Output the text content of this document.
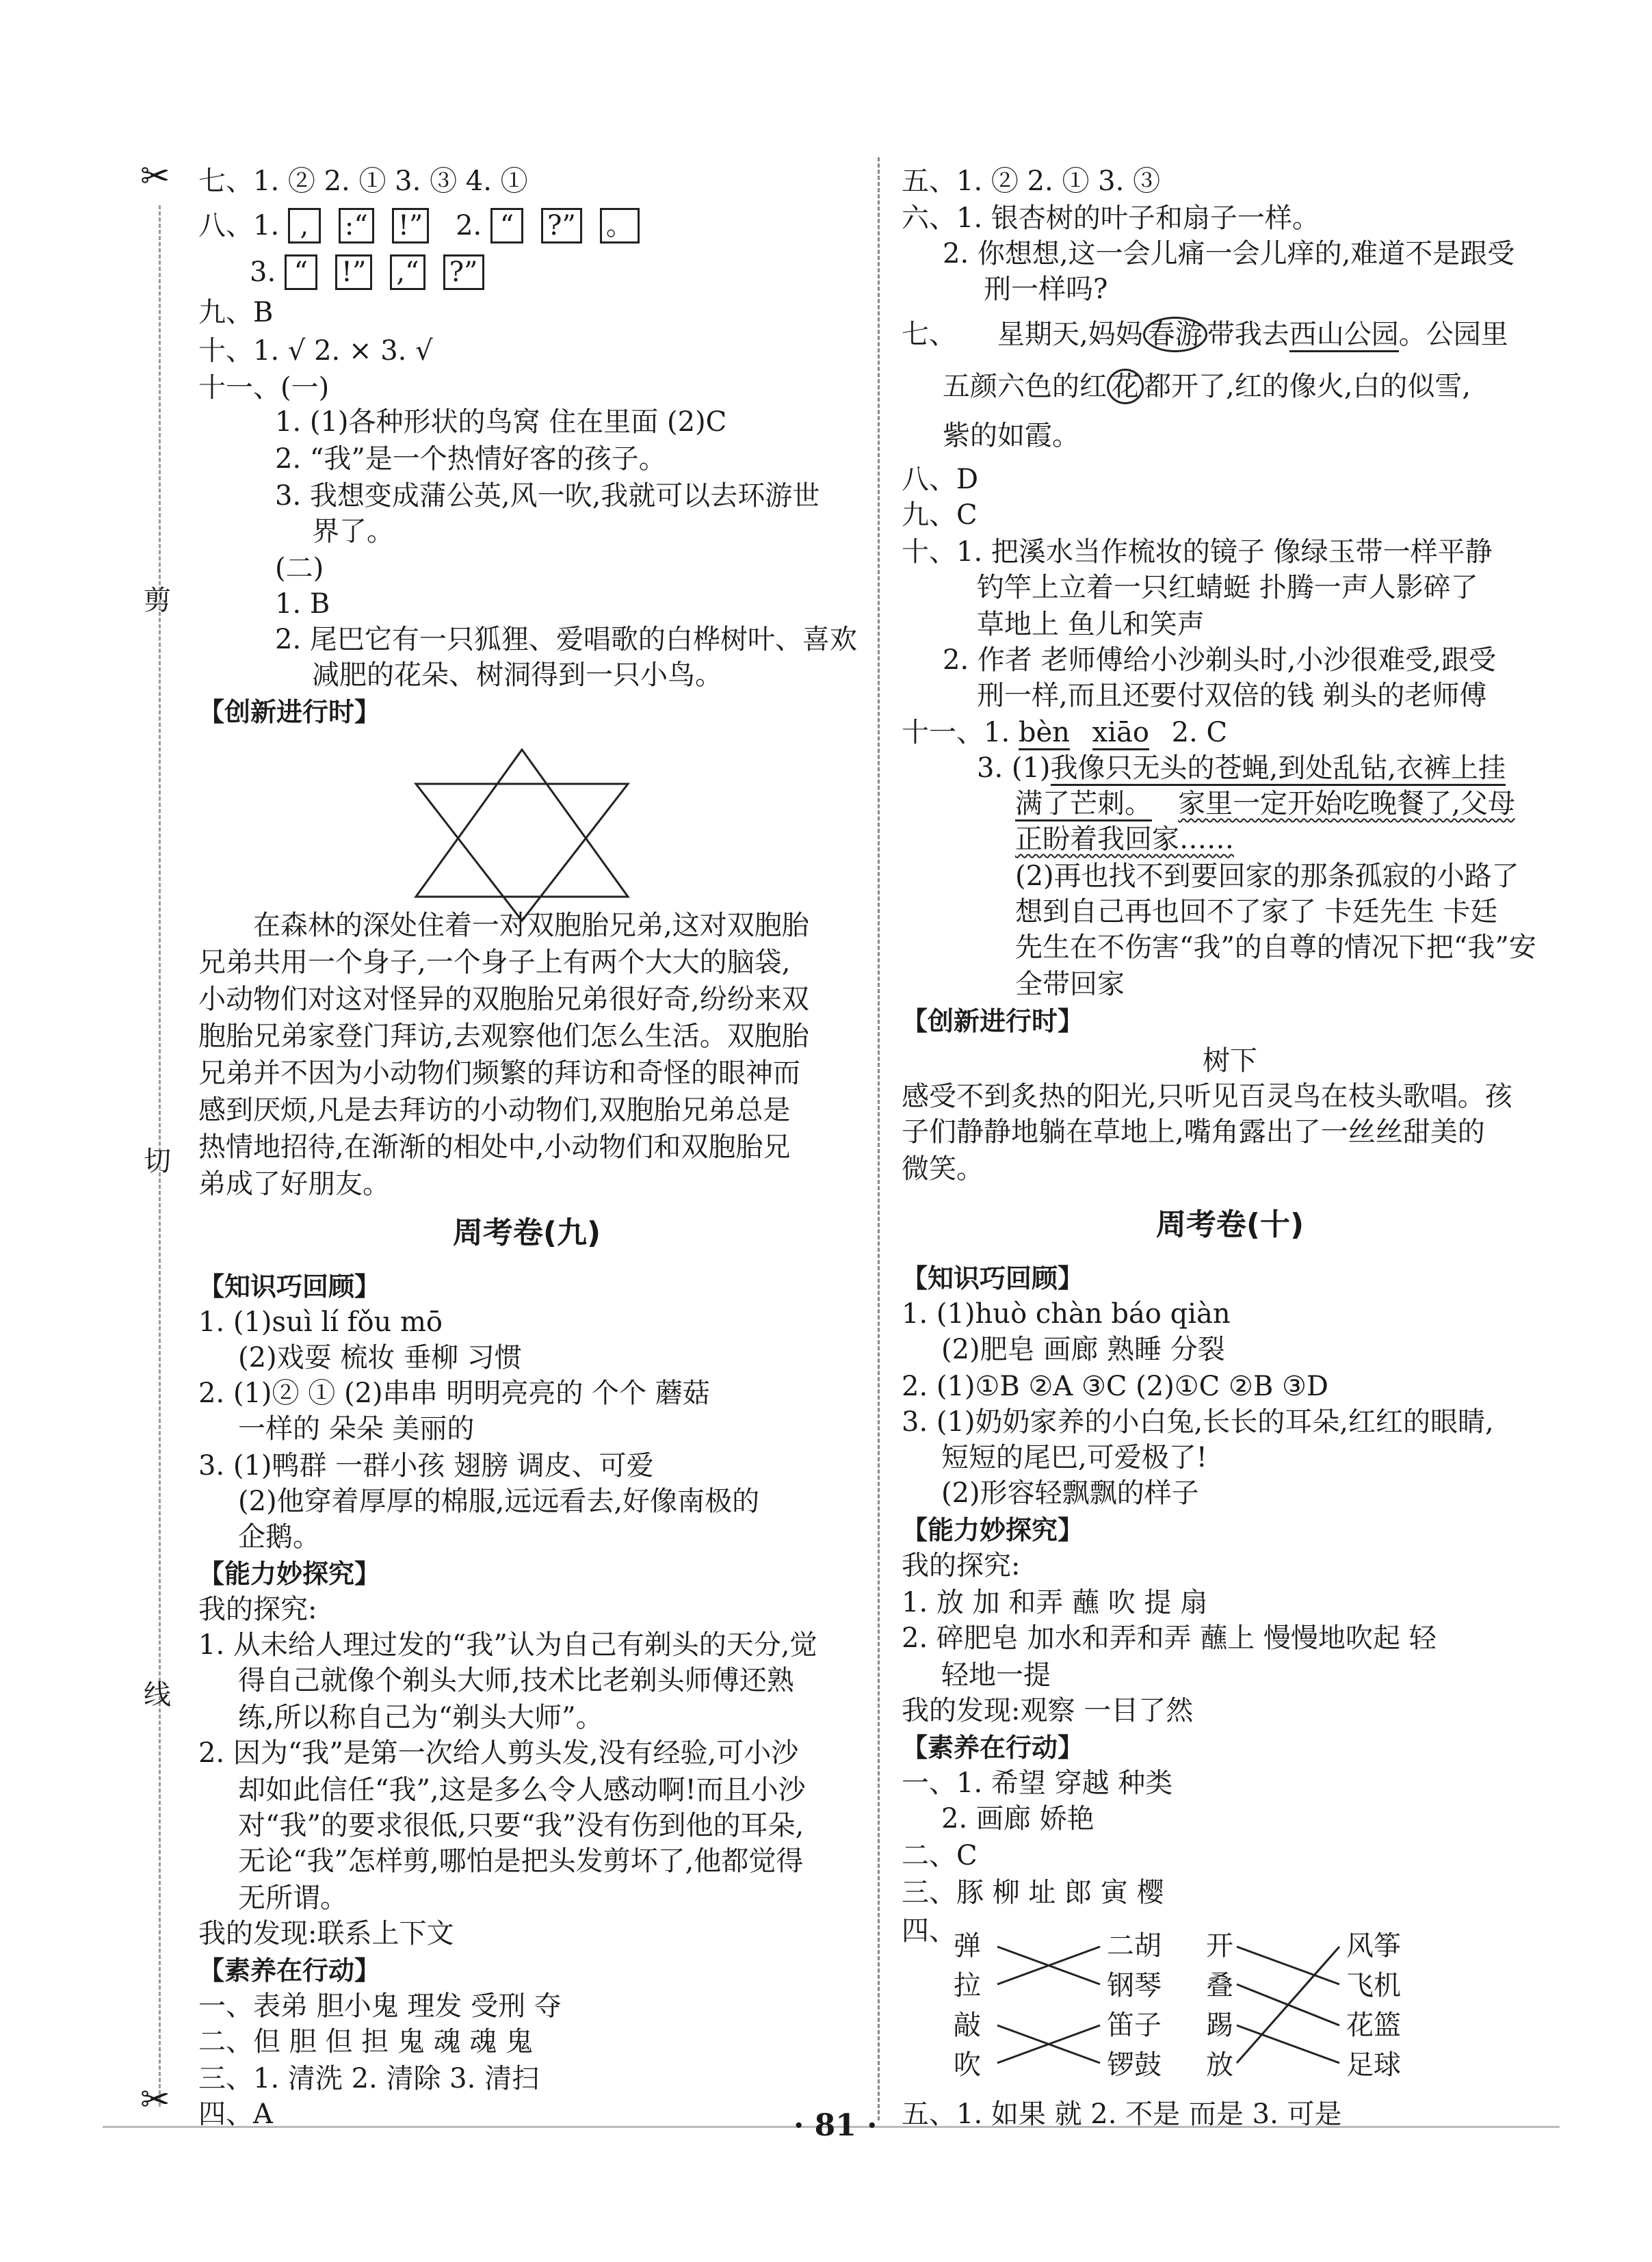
✂
✂
剪
切
线
七、1. ② 2. ① 3. ③ 4. ①
八、1. , :“ !” 2. “ ?” 。
3. “ !” ,“ ?”
九、B
十、1. √ 2. × 3. √
十一、(一)
1. (1)各种形状的鸟窝 住在里面 (2)C
2. “我”是一个热情好客的孩子。
3. 我想变成蒲公英,风一吹,我就可以去环游世
界了。
(二)
1. B
2. 尾巴它有一只狐狸、爱唱歌的白桦树叶、喜欢
减肥的花朵、树洞得到一只小鸟。
【创新进行时】
在森林的深处住着一对双胞胎兄弟,这对双胞胎
兄弟共用一个身子,一个身子上有两个大大的脑袋,
小动物们对这对怪异的双胞胎兄弟很好奇,纷纷来双
胞胎兄弟家登门拜访,去观察他们怎么生活。双胞胎
兄弟并不因为小动物们频繁的拜访和奇怪的眼神而
感到厌烦,凡是去拜访的小动物们,双胞胎兄弟总是
热情地招待,在渐渐的相处中,小动物们和双胞胎兄
弟成了好朋友。
周考卷(九)
【知识巧回顾】
1. (1)suì lí fǒu mō
(2)戏耍 梳妆 垂柳 习惯
2. (1)② ① (2)串串 明明亮亮的 个个 蘑菇
一样的 朵朵 美丽的
3. (1)鸭群 一群小孩 翅膀 调皮、可爱
(2)他穿着厚厚的棉服,远远看去,好像南极的
企鹅。
【能力妙探究】
我的探究:
1. 从未给人理过发的“我”认为自己有剃头的天分,觉
得自己就像个剃头大师,技术比老剃头师傅还熟
练,所以称自己为“剃头大师”。
2. 因为“我”是第一次给人剪头发,没有经验,可小沙
却如此信任“我”,这是多么令人感动啊!而且小沙
对“我”的要求很低,只要“我”没有伤到他的耳朵,
无论“我”怎样剪,哪怕是把头发剪坏了,他都觉得
无所谓。
我的发现:联系上下文
【素养在行动】
一、表弟 胆小鬼 理发 受刑 夺
二、但 胆 但 担 鬼 魂 魂 鬼
三、1. 清洗 2. 清除 3. 清扫
四、A
五、1. ② 2. ① 3. ③
六、1. 银杏树的叶子和扇子一样。
2. 你想想,这一会儿痛一会儿痒的,难道不是跟受
刑一样吗?
七、 星期天,妈妈 春游 带我去西山公园。公园里
五颜六色的红 花 都开了,红的像火,白的似雪,
紫的如霞。
八、D
九、C
十、1. 把溪水当作梳妆的镜子 像绿玉带一样平静
钓竿上立着一只红蜻蜓 扑腾一声人影碎了
草地上 鱼儿和笑声
2. 作者 老师傅给小沙剃头时,小沙很难受,跟受
刑一样,而且还要付双倍的钱 剃头的老师傅
十一、1. bèn xiāo 2. C
3. (1)我像只无头的苍蝇,到处乱钻,衣裤上挂
满了芒刺。 家里一定开始吃晚餐了,父母
正盼着我回家……
(2)再也找不到要回家的那条孤寂的小路了
想到自己再也回不了家了 卡廷先生 卡廷
先生在不伤害“我”的自尊的情况下把“我”安
全带回家
【创新进行时】
树下
感受不到炙热的阳光,只听见百灵鸟在枝头歌唱。孩
子们静静地躺在草地上,嘴角露出了一丝丝甜美的
微笑。
周考卷(十)
【知识巧回顾】
1. (1)huò chàn báo qiàn
(2)肥皂 画廊 熟睡 分裂
2. (1)①B ②A ③C (2)①C ②B ③D
3. (1)奶奶家养的小白兔,长长的耳朵,红红的眼睛,
短短的尾巴,可爱极了!
(2)形容轻飘飘的样子
【能力妙探究】
我的探究:
1. 放 加 和弄 蘸 吹 提 扇
2. 碎肥皂 加水和弄和弄 蘸上 慢慢地吹起 轻
轻地一提
我的发现:观察 一目了然
【素养在行动】
一、1. 希望 穿越 种类
2. 画廊 娇艳
二、C
三、豚 柳 址 郎 寅 樱
四、
弹
拉
敲
吹
二胡
钢琴
笛子
锣鼓
开
叠
踢
放
风筝
飞机
花篮
足球
五、1. 如果 就 2. 不是 而是 3. 可是
· 81 ·
